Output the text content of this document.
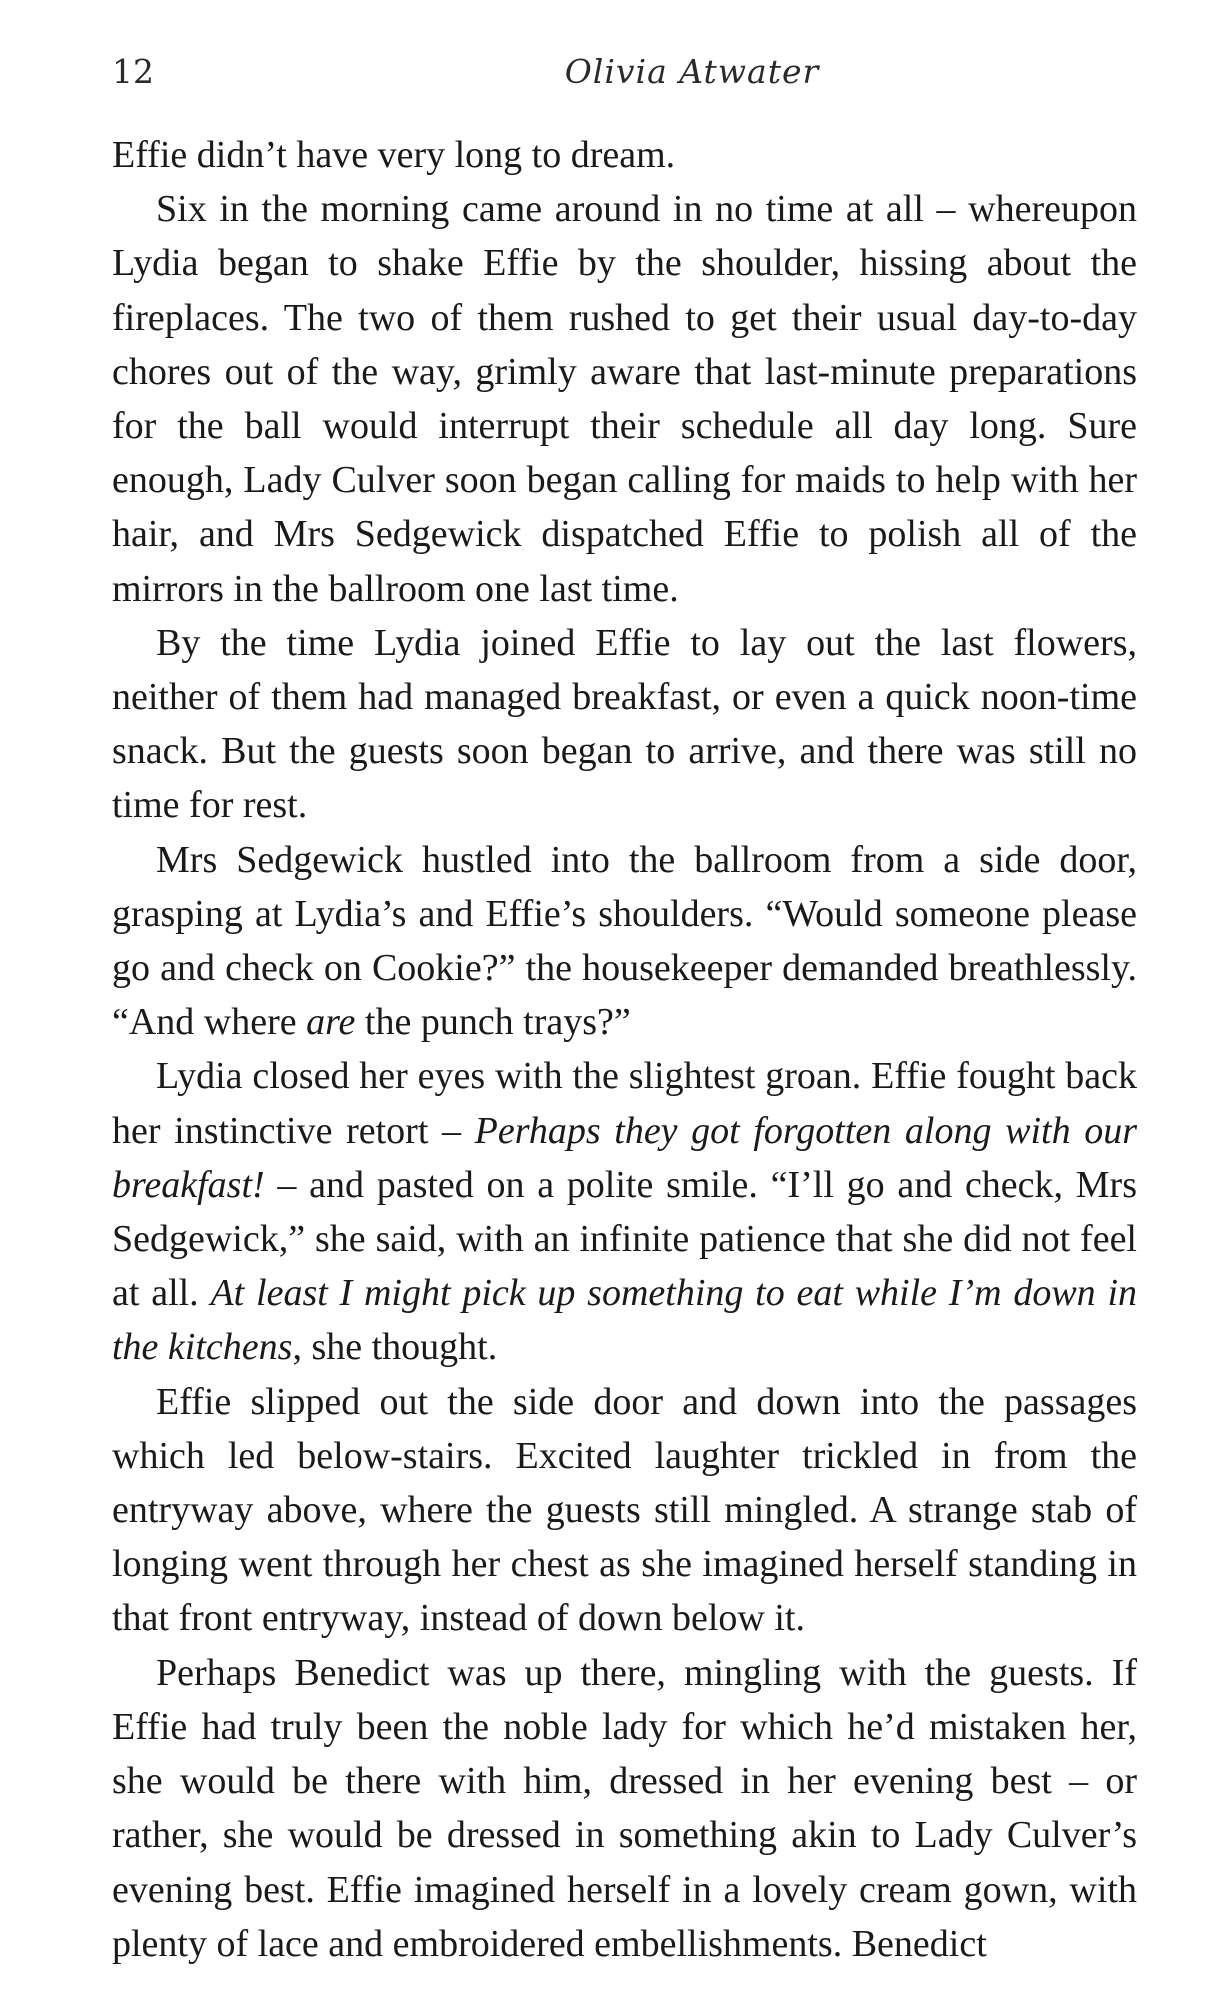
12	Olivia Atwater

Effie didn’t have very long to dream.

Six in the morning came around in no time at all – whereupon Lydia began to shake Effie by the shoulder, hissing about the fireplaces. The two of them rushed to get their usual day-to-day chores out of the way, grimly aware that last-minute preparations for the ball would interrupt their schedule all day long. Sure enough, Lady Culver soon began calling for maids to help with her hair, and Mrs Sedgewick dispatched Effie to polish all of the mirrors in the ballroom one last time.

By the time Lydia joined Effie to lay out the last flowers, neither of them had managed breakfast, or even a quick noon-time snack. But the guests soon began to arrive, and there was still no time for rest.

Mrs Sedgewick hustled into the ballroom from a side door, grasping at Lydia’s and Effie’s shoulders. “Would someone please go and check on Cookie?” the housekeeper demanded breathlessly. “And where are the punch trays?”

Lydia closed her eyes with the slightest groan. Effie fought back her instinctive retort – Perhaps they got forgotten along with our breakfast! – and pasted on a polite smile. “I’ll go and check, Mrs Sedgewick,” she said, with an infinite patience that she did not feel at all. At least I might pick up something to eat while I’m down in the kitchens, she thought.

Effie slipped out the side door and down into the passages which led below-stairs. Excited laughter trickled in from the entryway above, where the guests still mingled. A strange stab of longing went through her chest as she imagined herself standing in that front entryway, instead of down below it.

Perhaps Benedict was up there, mingling with the guests. If Effie had truly been the noble lady for which he’d mistaken her, she would be there with him, dressed in her evening best – or rather, she would be dressed in something akin to Lady Culver’s evening best. Effie imagined herself in a lovely cream gown, with plenty of lace and embroidered embellishments. Benedict
